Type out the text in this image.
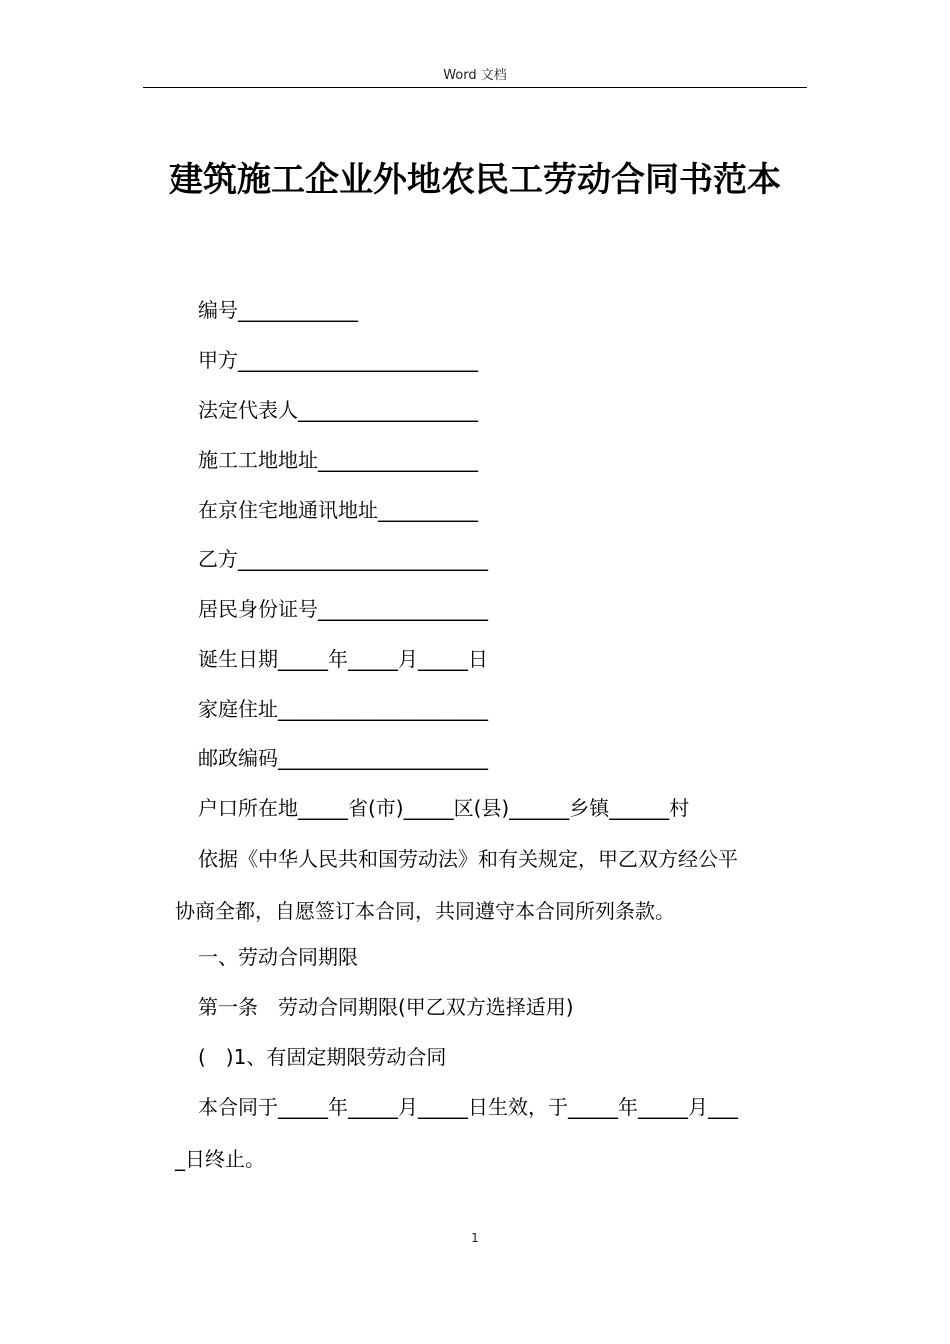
Word 文档
建筑施工企业外地农民工劳动合同书范本
编号____________
甲方________________________
法定代表人__________________
施工工地地址________________
在京住宅地通讯地址__________
乙方_________________________
居民身份证号_________________
诞生日期_____年_____月_____日
家庭住址_____________________
邮政编码_____________________
户口所在地_____省(市)_____区(县)______乡镇______村
依据《中华人民共和国劳动法》和有关规定，甲乙双方经公平
协商全都，自愿签订本合同，共同遵守本合同所列条款。
一、劳动合同期限
第一条　劳动合同期限(甲乙双方选择适用)
(　)1、有固定期限劳动合同
本合同于_____年_____月_____日生效，于_____年_____月___
_日终止。
1
